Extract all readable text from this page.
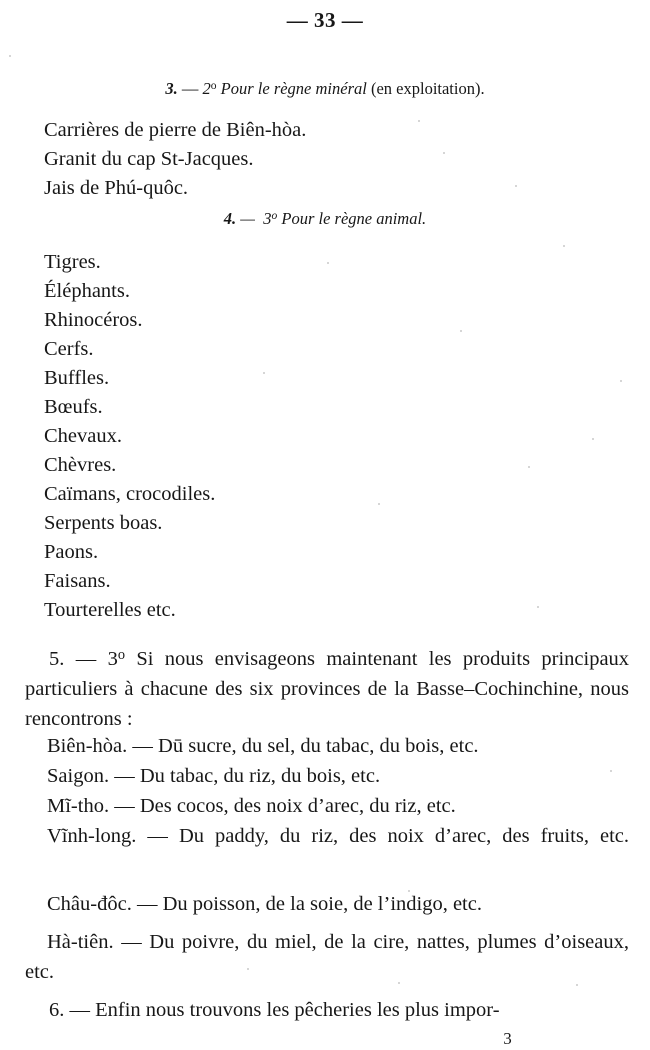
— 33 —
3. — 2$^o$ Pour le règne minéral (en exploitation).
Carrières de pierre de Biên-hòa.
Granit du cap St-Jacques.
Jais de Phú-quôc.
4. — 3$^o$ Pour le règne animal.
Tigres.
Éléphants.
Rhinocéros.
Cerfs.
Buffles.
Bœufs.
Chevaux.
Chèvres.
Caïmans, crocodiles.
Serpents boas.
Paons.
Faisans.
Tourterelles etc.
5. — 3$^o$ Si nous envisageons maintenant les produits principaux particuliers à chacune des six provinces de la Basse–Cochinchine, nous rencontrons :
Biên-hòa. — Dū sucre, du sel, du tabac, du bois, etc.
Saigon. — Du tabac, du riz, du bois, etc.
Mĩ-tho. — Des cocos, des noix d’arec, du riz, etc.
Vĩnh-long. — Du paddy, du riz, des noix d’arec, des fruits, etc.
Châu-đôc. — Du poisson, de la soie, de l’indigo, etc.
Hà-tiên. — Du poivre, du miel, de la cire, nattes, plumes d’oiseaux, etc.
6. — Enfin nous trouvons les pêcheries les plus impor-
3
